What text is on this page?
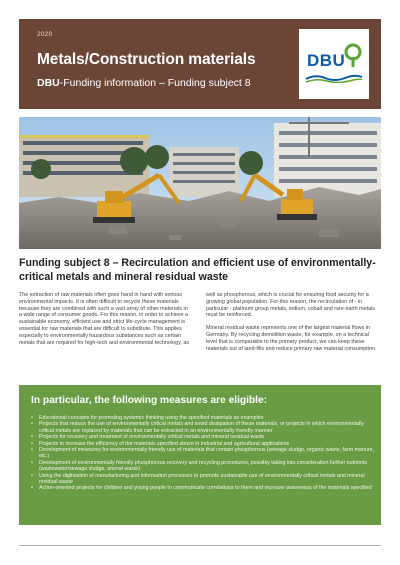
2020
Metals/Construction materials
DBU-Funding information – Funding subject 8
DBU
Funding subject 8 – Recirculation and efficient use of environmentally-critical metals and mineral residual waste

The extraction of raw materials often goes hand in hand with serious environmental impacts. It is often difficult to recycle these materials because they are combined with such a vast array of other materials in a wide range of consumer goods. For this reason, in order to achieve a sustainable economy, efficient use and strict life-cycle management is essential for raw materials that are difficult to substitute. This applies especially to environmentally hazardous substances such as certain metals that are required for high-tech and environmental technology, as

well as phosphorous, which is crucial for ensuring food security for a growing global population. For this reason, the recirculation of - in particular - platinum group metals, indium, cobalt and rare earth metals must be reinforced.

Mineral residual waste represents one of the largest material flows in Germany. By recycling demolition waste, for example, on a technical level that is comparable to the primary product, we can keep these materials out of land-fills and reduce primary raw material consumption.

In particular, the following measures are eligible:
• Educational concepts for promoting systemic thinking using the specified materials as examples
• Projects that reduce the use of environmentally critical metals and avoid dissipation of these materials, or projects in which environmentally critical metals are replaced by materials that can be extracted in an environmentally friendly manner
• Projects for recovery and treatment of environmentally critical metals and mineral residual waste
• Projects to increase the efficiency of the materials specified above in industrial and agricultural applications
• Development of measures for environmentally friendly use of materials that contain phosphorous (sewage sludge, organic waste, farm manure, etc.)
• Development of environmentally friendly phosphorous recovery and recycling procedures, possibly taking into consideration further nutrients (wastewater/sewage sludge, animal waste)
• Using the digitisation of manufacturing and information processes to promote sustainable use of environmentally critical metals and mineral residual waste
• Action-oriented projects for children and young people to communicate correlations to them and increase awareness of the materials specified
